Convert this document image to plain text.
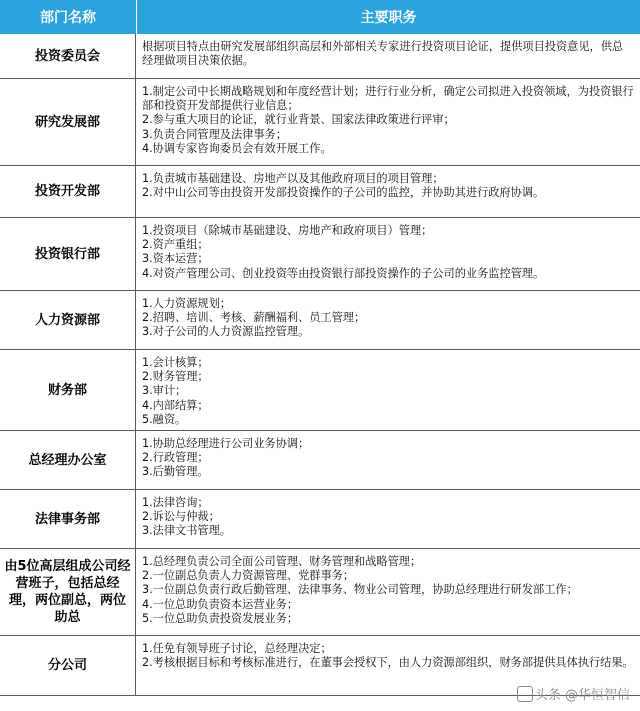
部门名称	主要职务
投资委员会
根据项目特点由研究发展部组织高层和外部相关专家进行投资项目论证，提供项目投资意见，供总经理做项目决策依据。
研究发展部
1.制定公司中长期战略规划和年度经营计划；进行行业分析，确定公司拟进入投资领域，为投资银行部和投资开发部提供行业信息；
2.参与重大项目的论证，就行业背景、国家法律政策进行评审；
3.负责合同管理及法律事务；
4.协调专家咨询委员会有效开展工作。
投资开发部
1.负责城市基础建设、房地产以及其他政府项目的项目管理；
2.对中山公司等由投资开发部投资操作的子公司的监控，并协助其进行政府协调。
投资银行部
1.投资项目（除城市基础建设、房地产和政府项目）管理；
2.资产重组；
3.资本运营；
4.对资产管理公司、创业投资等由投资银行部投资操作的子公司的业务监控管理。
人力资源部
1.人力资源规划；
2.招聘、培训、考核、薪酬福利、员工管理；
3.对子公司的人力资源监控管理。
财务部
1.会计核算；
2.财务管理；
3.审计；
4.内部结算；
5.融资。
总经理办公室
1.协助总经理进行公司业务协调；
2.行政管理；
3.后勤管理。
法律事务部
1.法律咨询；
2.诉讼与仲裁；
3.法律文书管理。
由5位高层组成公司经营班子，包括总经理，两位副总，两位助总
1.总经理负责公司全面公司管理、财务管理和战略管理；
2.一位副总负责人力资源管理、党群事务；
3.一位副总负责行政后勤管理、法律事务、物业公司管理，协助总经理进行研发部工作；
4.一位总助负责资本运营业务；
5.一位总助负责投资发展业务；
分公司
1.任免有领导班子讨论，总经理决定；
2.考核根据目标和考核标准进行，在董事会授权下，由人力资源部组织，财务部提供具体执行结果。
头条 @华恒智信
